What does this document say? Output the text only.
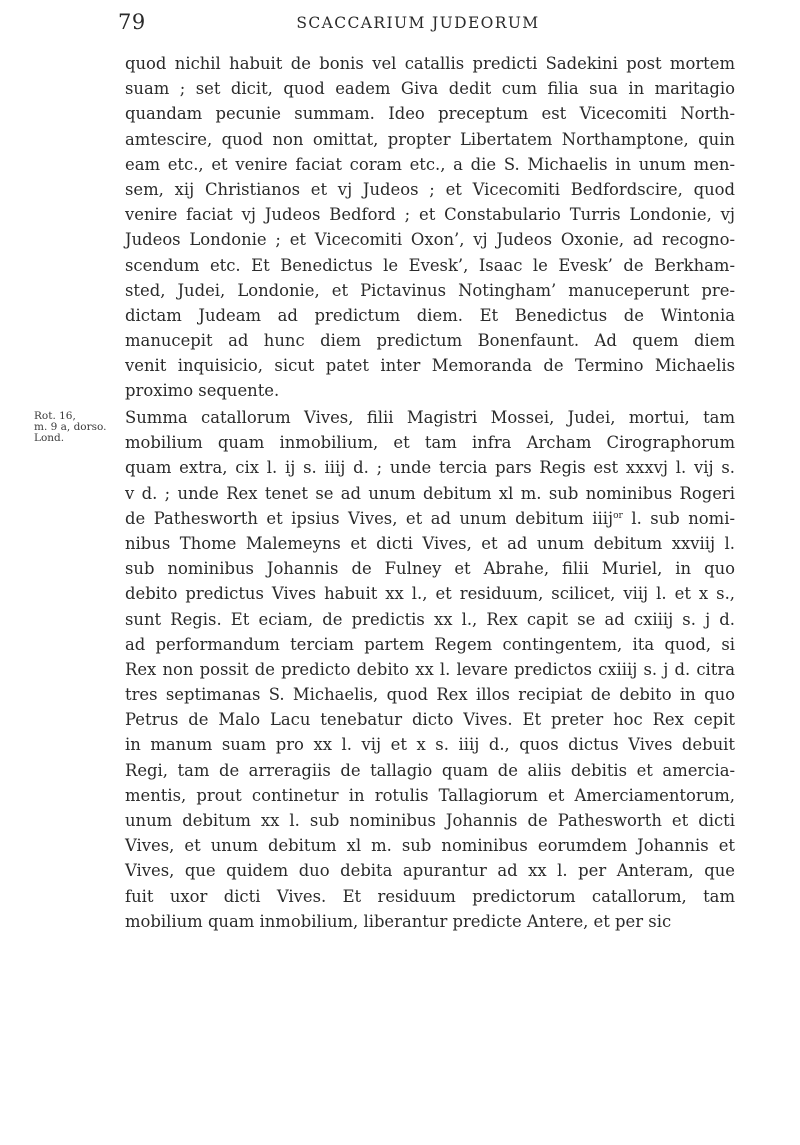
79	SCACCARIUM JUDEORUM
Rot. 16,
m. 9 a, dorso.
Lond.
quod nichil habuit de bonis vel catallis predicti Sadekini post mortem
suam ; set dicit, quod eadem Giva dedit cum filia sua in maritagio
quandam pecunie summam. Ideo preceptum est Vicecomiti North-
amtescire, quod non omittat, propter Libertatem Northamptone, quin
eam etc., et venire faciat coram etc., a die S. Michaelis in unum men-
sem, xij Christianos et vj Judeos ; et Vicecomiti Bedfordscire, quod
venire faciat vj Judeos Bedford ; et Constabulario Turris Londonie, vj
Judeos Londonie ; et Vicecomiti Oxon’, vj Judeos Oxonie, ad recogno-
scendum etc. Et Benedictus le Evesk’, Isaac le Evesk’ de Berkham-
sted, Judei, Londonie, et Pictavinus Notingham’ manuceperunt pre-
dictam Judeam ad predictum diem. Et Benedictus de Wintonia
manucepit ad hunc diem predictum Bonenfaunt. Ad quem diem
venit inquisicio, sicut patet inter Memoranda de Termino Michaelis
proximo sequente.
Summa catallorum Vives, filii Magistri Mossei, Judei, mortui, tam
mobilium quam inmobilium, et tam infra Archam Cirographorum
quam extra, cix l. ij s. iiij d. ; unde tercia pars Regis est xxxvj l. vij s.
v d. ; unde Rex tenet se ad unum debitum xl m. sub nominibus Rogeri
de Pathesworth et ipsius Vives, et ad unum debitum iiij$^{or}$ l. sub nomi-
nibus Thome Malemeyns et dicti Vives, et ad unum debitum xxviij l.
sub nominibus Johannis de Fulney et Abrahe, filii Muriel, in quo
debito predictus Vives habuit xx l., et residuum, scilicet, viij l. et x s.,
sunt Regis. Et eciam, de predictis xx l., Rex capit se ad cxiiij s. j d.
ad performandum terciam partem Regem contingentem, ita quod, si
Rex non possit de predicto debito xx l. levare predictos cxiiij s. j d. citra
tres septimanas S. Michaelis, quod Rex illos recipiat de debito in quo
Petrus de Malo Lacu tenebatur dicto Vives. Et preter hoc Rex cepit
in manum suam pro xx l. vij et x s. iiij d., quos dictus Vives debuit
Regi, tam de arreragiis de tallagio quam de aliis debitis et amercia-
mentis, prout continetur in rotulis Tallagiorum et Amerciamentorum,
unum debitum xx l. sub nominibus Johannis de Pathesworth et dicti
Vives, et unum debitum xl m. sub nominibus eorumdem Johannis et
Vives, que quidem duo debita apurantur ad xx l. per Anteram, que
fuit uxor dicti Vives. Et residuum predictorum catallorum, tam
mobilium quam inmobilium, liberantur predicte Antere, et per sic
